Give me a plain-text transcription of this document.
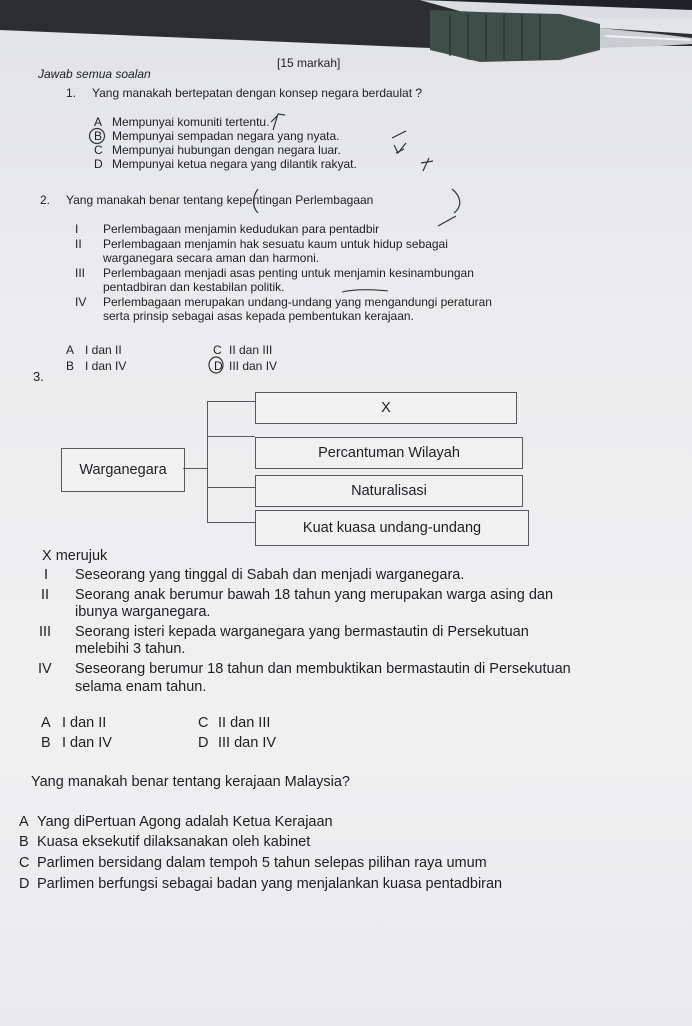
Jawab semua soalan
[15 markah]
1. Yang manakah bertepatan dengan konsep negara berdaulat ?
A Mempunyai komuniti tertentu.
B Mempunyai sempadan negara yang nyata.
C Mempunyai hubungan dengan negara luar.
D Mempunyai ketua negara yang dilantik rakyat.
2. Yang manakah benar tentang kepentingan Perlembagaan
I Perlembagaan menjamin kedudukan para pentadbir
II Perlembagaan menjamin hak sesuatu kaum untuk hidup sebagai
warganegara secara aman dan harmoni.
III Perlembagaan menjadi asas penting untuk menjamin kesinambungan
pentadbiran dan kestabilan politik.
IV Perlembagaan merupakan undang-undang yang mengandungi peraturan
serta prinsip sebagai asas kepada pembentukan kerajaan.
A I dan II
B I dan IV
C II dan III
D III dan IV
3.
Warganegara
X
Percantuman Wilayah
Naturalisasi
Kuat kuasa undang-undang
X merujuk
I Seseorang yang tinggal di Sabah dan menjadi warganegara.
II Seorang anak berumur bawah 18 tahun yang merupakan warga asing dan
ibunya warganegara.
III Seorang isteri kepada warganegara yang bermastautin di Persekutuan
melebihi 3 tahun.
IV Seseorang berumur 18 tahun dan membuktikan bermastautin di Persekutuan
selama enam tahun.
A I dan II
B I dan IV
C II dan III
D III dan IV
Yang manakah benar tentang kerajaan Malaysia?
A Yang diPertuan Agong adalah Ketua Kerajaan
B Kuasa eksekutif dilaksanakan oleh kabinet
C Parlimen bersidang dalam tempoh 5 tahun selepas pilihan raya umum
D Parlimen berfungsi sebagai badan yang menjalankan kuasa pentadbiran
